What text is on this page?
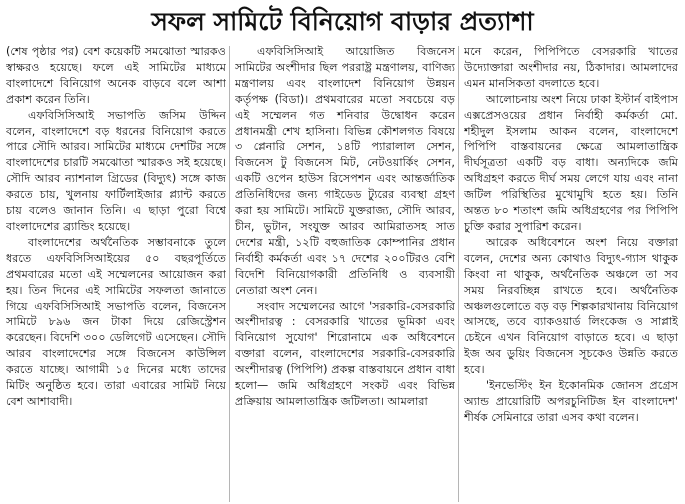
সফল সামিটে বিনিয়োগ বাড়ার প্রত্যাশা

(শেষ পৃষ্ঠার পর) বেশ কয়েকটি সমঝোতা স্মারকও স্বাক্ষরও হয়েছে। ফলে এই সামিটের মাধ্যমে বাংলাদেশে বিনিয়োগ অনেক বাড়বে বলে আশা প্রকাশ করেন তিনি।

এফবিসিসিআই সভাপতি জসিম উদ্দিন বলেন, বাংলাদেশে বড় ধরনের বিনিয়োগ করতে পারে সৌদি আরব। সামিটের মাধ্যমে দেশটির সঙ্গে বাংলাদেশের চারটি সমঝোতা স্মারকও সই হয়েছে। সৌদি আরব ন্যাশনাল গ্রিডের (বিদ্যুৎ) সঙ্গে কাজ করতে চায়, খুলনায় ফার্টিলাইজার প্ল্যান্ট করতে চায় বলেও জানান তিনি। এ ছাড়া পুরো বিশ্বে বাংলাদেশের ব্র্যান্ডিং হয়েছে।

বাংলাদেশের অর্থনৈতিক সম্ভাবনাকে তুলে ধরতে এফবিসিসিআইয়ের ৫০ বছরপূর্তিতে প্রথমবারের মতো এই সম্মেলনের আয়োজন করা হয়। তিন দিনের এই সামিটের সফলতা জানাতে গিয়ে এফবিসিসিআই সভাপতি বলেন, বিজনেস সামিটে ৮৯৬ জন টাকা দিয়ে রেজিস্ট্রেশন করেছেন। বিদেশি ৩০০ ডেলিগেট এসেছেন। সৌদি আরব বাংলাদেশের সঙ্গে বিজনেস কাউন্সিল করতে যাচ্ছে। আগামী ১৫ দিনের মধ্যে তাদের মিটিং অনুষ্ঠিত হবে। তারা এবারের সামিট নিয়ে বেশ আশাবাদী।

এফবিসিসিআই আয়োজিত বিজনেস সামিটের অংশীদার ছিল পররাষ্ট্র মন্ত্রণালয়, বাণিজ্য মন্ত্রণালয় এবং বাংলাদেশ বিনিয়োগ উন্নয়ন কর্তৃপক্ষ (বিডা)। প্রথমবারের মতো সবচেয়ে বড় এই সম্মেলন গত শনিবার উদ্বোধন করেন প্রধানমন্ত্রী শেখ হাসিনা। বিভিন্ন কৌশলগত বিষয়ে ৩ প্লেনারি সেশন, ১৪টি প্যারালাল সেশন, বিজনেস টু বিজনেস মিট, নেটওয়ার্কিং সেশন, একটি ওপেন হাউস রিসেপশন এবং আন্তর্জাতিক প্রতিনিধিদের জন্য গাইডেড ট্যুরের ব্যবস্থা গ্রহণ করা হয় সামিটে। সামিটে যুক্তরাজ্য, সৌদি আরব, চীন, ভুটান, সংযুক্ত আরব আমিরাতসহ সাত দেশের মন্ত্রী, ১২টি বহুজাতিক কোম্পানির প্রধান নির্বাহী কর্মকর্তা এবং ১৭ দেশের ২০০টিরও বেশি বিদেশি বিনিয়োগকারী প্রতিনিধি ও ব্যবসায়ী নেতারা অংশ নেন।

সংবাদ সম্মেলনের আগে 'সরকারি-বেসরকারি অংশীদারত্ব : বেসরকারি খাতের ভূমিকা এবং বিনিয়োগ সুযোগ' শিরোনামে এক অধিবেশনে বক্তারা বলেন, বাংলাদেশের সরকারি-বেসরকারি অংশীদারত্ব (পিপিপি) প্রকল্প বাস্তবায়নে প্রধান বাধা হলো— জমি অধিগ্রহণে সংকট এবং বিভিন্ন প্রক্রিয়ায় আমলাতান্ত্রিক জটিলতা। আমলারা

মনে করেন, পিপিপিতে বেসরকারি খাতের উদ্যোক্তারা অংশীদার নয়, ঠিকাদার। আমলাদের এমন মানসিকতা বদলাতে হবে।

আলোচনায় অংশ নিয়ে ঢাকা ইস্টার্ন বাইপাস এক্সপ্রেসওয়ের প্রধান নির্বাহী কর্মকর্তা মো. শহীদুল ইসলাম আকন বলেন, বাংলাদেশে পিপিপি বাস্তবায়নের ক্ষেত্রে আমলাতান্ত্রিক দীর্ঘসূত্রতা একটি বড় বাধা। অন্যদিকে জমি অধিগ্রহণ করতে দীর্ঘ সময় লেগে যায় এবং নানা জটিল পরিস্থিতির মুখোমুখি হতে হয়। তিনি অন্তত ৮০ শতাংশ জমি অধিগ্রহণের পর পিপিপি চুক্তি করার সুপারিশ করেন।

আরেক অধিবেশনে অংশ নিয়ে বক্তারা বলেন, দেশের অন্য কোথাও বিদ্যুৎ-গ্যাস থাকুক কিংবা না থাকুক, অর্থনৈতিক অঞ্চলে তা সব সময় নিরবচ্ছিন্ন রাখতে হবে। অর্থনৈতিক অঞ্চলগুলোতে বড় বড় শিল্পকারখানায় বিনিয়োগ আসছে, তবে ব্যাকওয়ার্ড লিংকেজ ও সাপ্লাই চেইনে এখন বিনিয়োগ বাড়াতে হবে। এ ছাড়া ইজ অব ডুয়িং বিজনেস সূচকেও উন্নতি করতে হবে।

'ইনভেস্টিং ইন ইকোনমিক জোনস প্রগ্রেস অ্যান্ড প্রায়োরিটি অপরচুনিটিজ ইন বাংলাদেশ' শীর্ষক সেমিনারে তারা এসব কথা বলেন।
